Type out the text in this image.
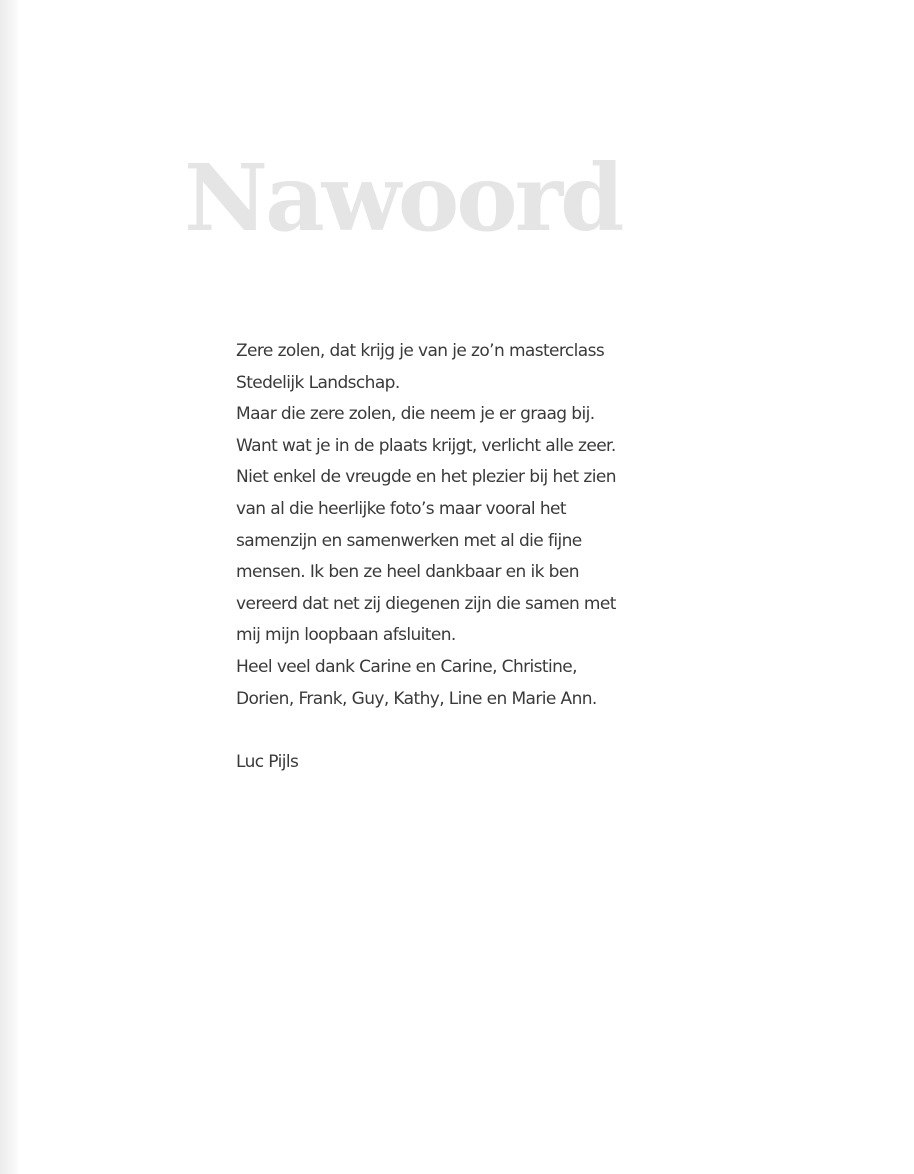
Nawoord
Zere zolen, dat krijg je van je zo’n masterclass
Stedelijk Landschap.
Maar die zere zolen, die neem je er graag bij.
Want wat je in de plaats krijgt, verlicht alle zeer.
Niet enkel de vreugde en het plezier bij het zien
van al die heerlijke foto’s maar vooral het
samenzijn en samenwerken met al die fijne
mensen. Ik ben ze heel dankbaar en ik ben
vereerd dat net zij diegenen zijn die samen met
mij mijn loopbaan afsluiten.
Heel veel dank Carine en Carine, Christine,
Dorien, Frank, Guy, Kathy, Line en Marie Ann.
Luc Pijls
